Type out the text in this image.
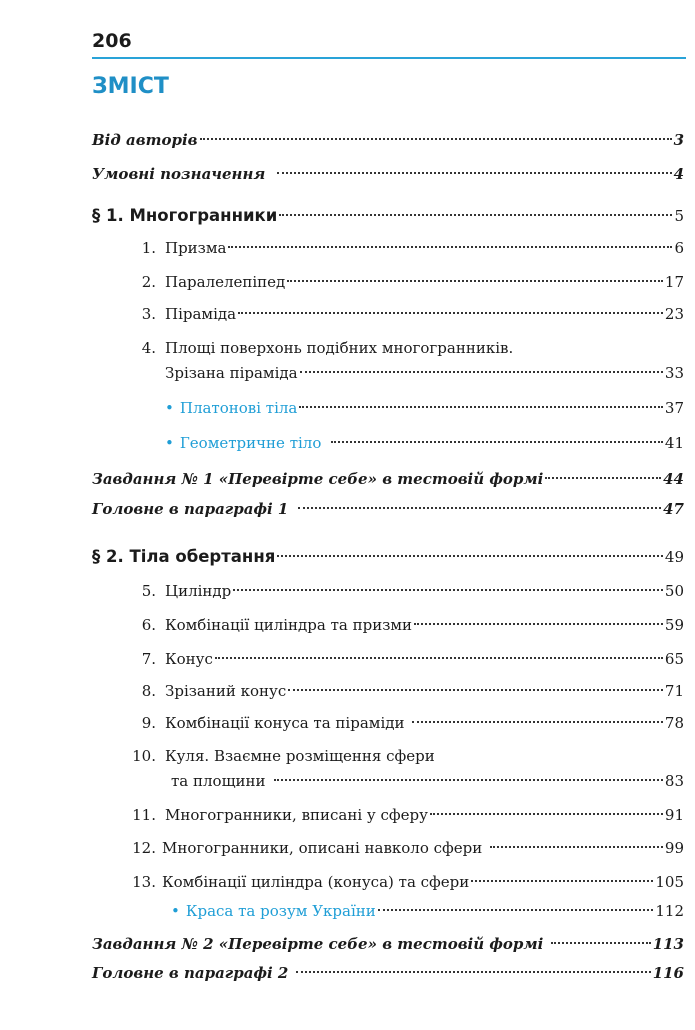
206
ЗМІСТ
Від авторів	3
Умовні позначення	4
§ 1. Многогранники	5
1. Призма	6
2. Паралелепіпед	17
3. Піраміда	23
4. Площі поверхонь подібних многогранників.
Зрізана піраміда	33
• Платонові тіла	37
• Геометричне тіло	41
Завдання № 1 «Перевірте себе» в тестовій формі	44
Головне в параграфі 1	47
§ 2. Тіла обертання	49
5. Циліндр	50
6. Комбінації циліндра та призми	59
7. Конус	65
8. Зрізаний конус	71
9. Комбінації конуса та піраміди	78
10. Куля. Взаємне розміщення сфери
та площини	83
11. Многогранники, вписані у сферу	91
12. Многогранники, описані навколо сфери	99
13. Комбінації циліндра (конуса) та сфери	105
• Краса та розум України	112
Завдання № 2 «Перевірте себе» в тестовій формі	113
Головне в параграфі 2	116
